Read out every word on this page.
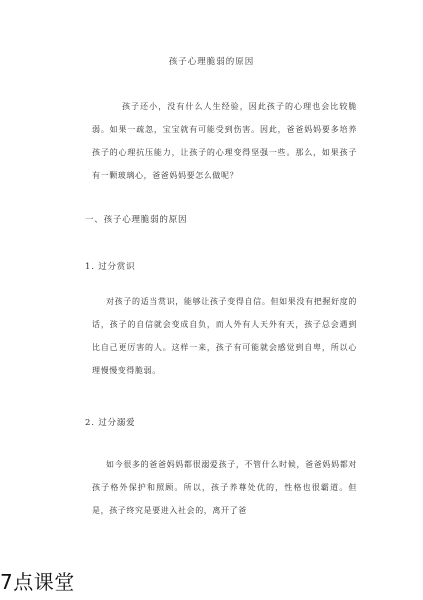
孩子心理脆弱的原因

孩子还小，没有什么人生经验，因此孩子的心理也会比较脆弱。如果一疏忽，宝宝就有可能受到伤害。因此，爸爸妈妈要多培养孩子的心理抗压能力，让孩子的心理变得坚强一些。那么，如果孩子有一颗玻璃心，爸爸妈妈要怎么做呢？

一、孩子心理脆弱的原因
1. 过分赏识

对孩子的适当赏识，能够让孩子变得自信。但如果没有把握好度的话，孩子的自信就会变成自负，而人外有人天外有天，孩子总会遇到比自己更厉害的人。这样一来，孩子有可能就会感觉到自卑，所以心理慢慢变得脆弱。

2. 过分溺爱

如今很多的爸爸妈妈都很溺爱孩子，不管什么时候，爸爸妈妈都对孩子格外保护和照顾。所以，孩子养尊处优的，性格也很霸道。但是，孩子终究是要进入社会的，离开了爸

7点课堂
